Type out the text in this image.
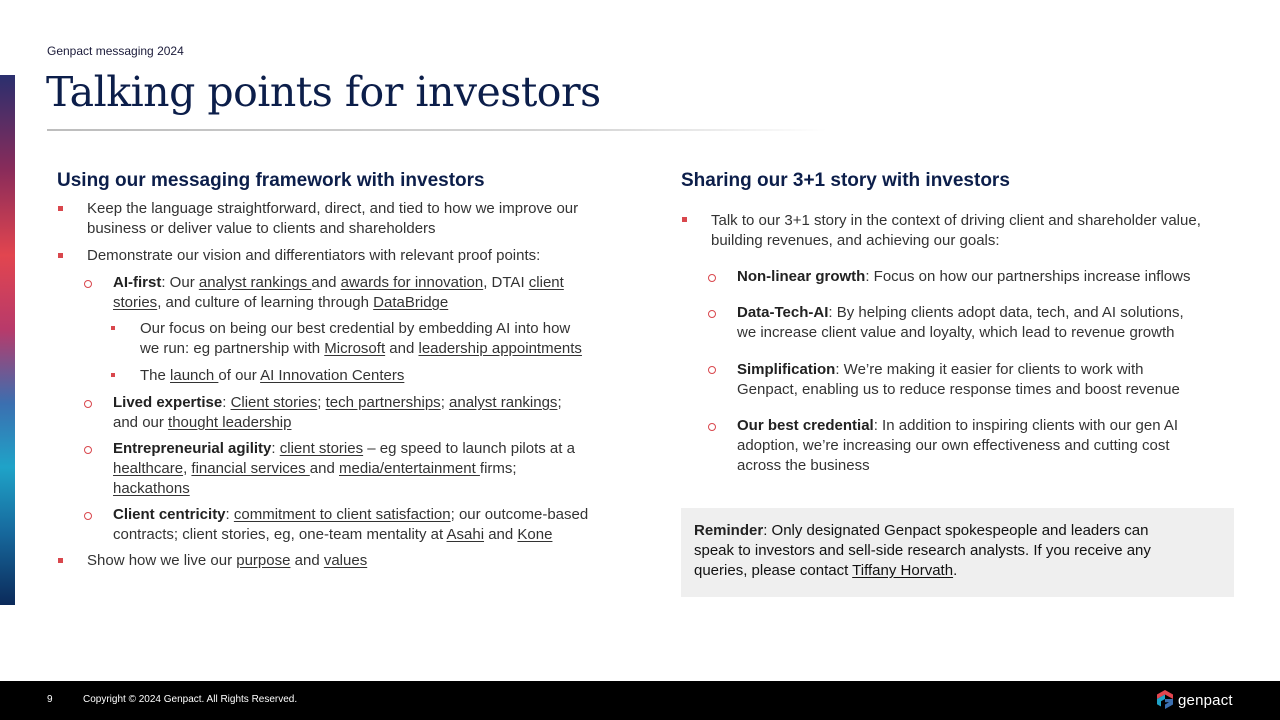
Genpact messaging 2024
Talking points for investors
Using our messaging framework with investors
Keep the language straightforward, direct, and tied to how we improve our
business or deliver value to clients and shareholders
Demonstrate our vision and differentiators with relevant proof points:
AI-first: Our analyst rankings and awards for innovation, DTAI client
stories, and culture of learning through DataBridge
Our focus on being our best credential by embedding AI into how
we run: eg partnership with Microsoft and leadership appointments
The launch of our AI Innovation Centers
Lived expertise: Client stories; tech partnerships; analyst rankings;
and our thought leadership
Entrepreneurial agility: client stories – eg speed to launch pilots at a
healthcare, financial services and media/entertainment firms;
hackathons
Client centricity: commitment to client satisfaction; our outcome-based
contracts; client stories, eg, one-team mentality at Asahi and Kone
Show how we live our purpose and values
Sharing our 3+1 story with investors
Talk to our 3+1 story in the context of driving client and shareholder value,
building revenues, and achieving our goals:
Non-linear growth: Focus on how our partnerships increase inflows
Data-Tech-AI: By helping clients adopt data, tech, and AI solutions,
we increase client value and loyalty, which lead to revenue growth
Simplification: We’re making it easier for clients to work with
Genpact, enabling us to reduce response times and boost revenue
Our best credential: In addition to inspiring clients with our gen AI
adoption, we’re increasing our own effectiveness and cutting cost
across the business
Reminder: Only designated Genpact spokespeople and leaders can
speak to investors and sell-side research analysts. If you receive any
queries, please contact Tiffany Horvath.
9	Copyright © 2024 Genpact. All Rights Reserved.	genpact
